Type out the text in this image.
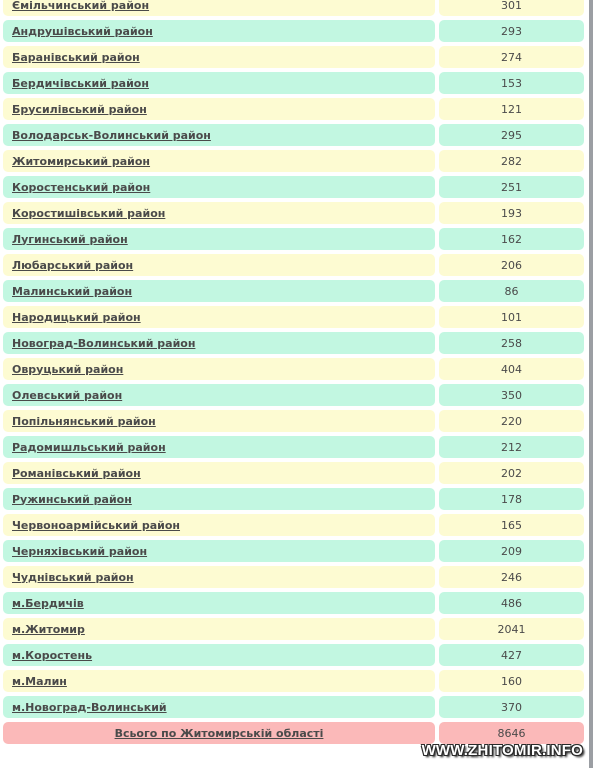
Ємільчинський район	301
Андрушівський район	293
Баранівський район	274
Бердичівський район	153
Брусилівський район	121
Володарськ-Волинський район	295
Житомирський район	282
Коростенський район	251
Коростишівський район	193
Лугинський район	162
Любарський район	206
Малинський район	86
Народицький район	101
Новоград-Волинський район	258
Овруцький район	404
Олевський район	350
Попільнянський район	220
Радомишльський район	212
Романівський район	202
Ружинський район	178
Червоноармійський район	165
Черняхівський район	209
Чуднівський район	246
м.Бердичів	486
м.Житомир	2041
м.Коростень	427
м.Малин	160
м.Новоград-Волинський	370
Всього по Житомирській області	8646
WWW.ZHITOMIR.INFO
